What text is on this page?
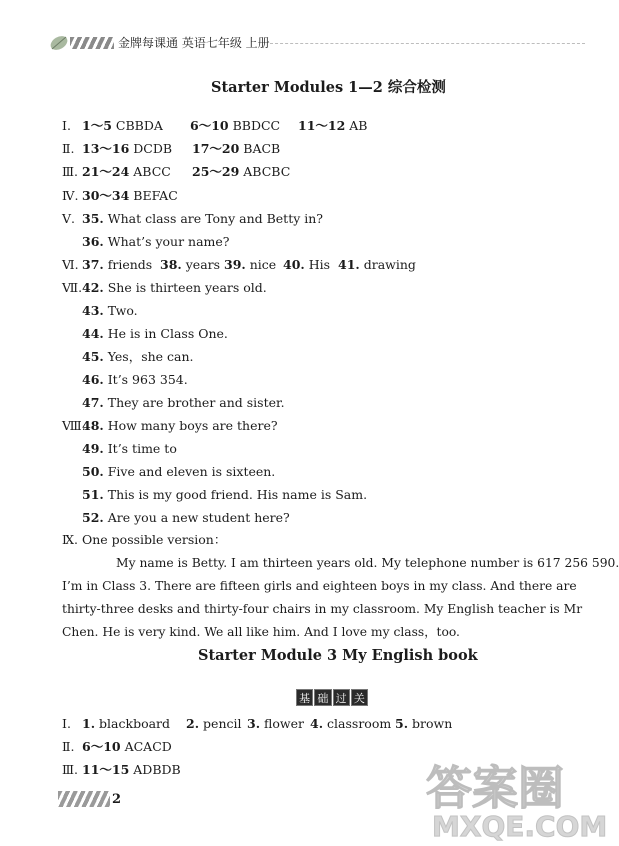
金牌每课通 英语七年级 上册
Starter Modules 1—2 综合检测
Ⅰ. 1～5 CBBDA 6～10 BBDCC 11～12 AB
Ⅱ. 13～16 DCDB 17～20 BACB
Ⅲ. 21～24 ABCC 25～29 ABCBC
Ⅳ. 30～34 BEFAC
Ⅴ. 35. What class are Tony and Betty in?
36. What’s your name?
Ⅵ. 37. friends 38. years 39. nice 40. His 41. drawing
Ⅶ. 42. She is thirteen years old.
43. Two.
44. He is in Class One.
45. Yes，she can.
46. It’s 963 354.
47. They are brother and sister.
Ⅷ.
48. How many boys are there?
49. It’s time to
50. Five and eleven is sixteen.
51. This is my good friend. His name is Sam.
52. Are you a new student here?
Ⅸ. One possible version：
My name is Betty. I am thirteen years old. My telephone number is 617 256 590.
I’m in Class 3. There are fifteen girls and eighteen boys in my class. And there are
thirty-three desks and thirty-four chairs in my classroom. My English teacher is Mr
Chen. He is very kind. We all like him. And I love my class，too.
Starter Module 3 My English book
基 础 过 关
Ⅰ. 1. blackboard 2. pencil 3. flower 4. classroom 5. brown
Ⅱ. 6～10 ACACD
Ⅲ. 11～15 ADBDB
2	答案圈
MXQE.COM
